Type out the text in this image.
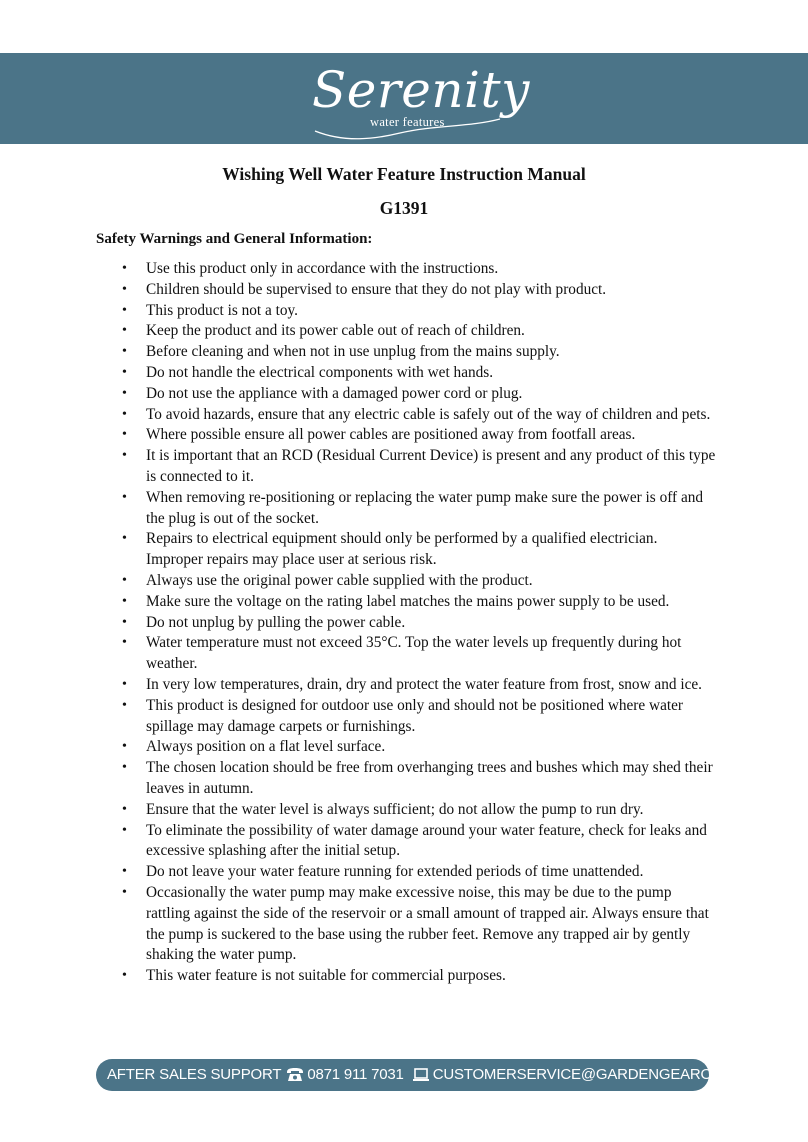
Serenity
water features
Wishing Well Water Feature Instruction Manual
G1391
Safety Warnings and General Information:
• Use this product only in accordance with the instructions.
• Children should be supervised to ensure that they do not play with product.
• This product is not a toy.
• Keep the product and its power cable out of reach of children.
• Before cleaning and when not in use unplug from the mains supply.
• Do not handle the electrical components with wet hands.
• Do not use the appliance with a damaged power cord or plug.
• To avoid hazards, ensure that any electric cable is safely out of the way of children and pets.
• Where possible ensure all power cables are positioned away from footfall areas.
• It is important that an RCD (Residual Current Device) is present and any product of this type is connected to it.
• When removing re-positioning or replacing the water pump make sure the power is off and the plug is out of the socket.
• Repairs to electrical equipment should only be performed by a qualified electrician. Improper repairs may place user at serious risk.
• Always use the original power cable supplied with the product.
• Make sure the voltage on the rating label matches the mains power supply to be used.
• Do not unplug by pulling the power cable.
• Water temperature must not exceed 35°C. Top the water levels up frequently during hot weather.
• In very low temperatures, drain, dry and protect the water feature from frost, snow and ice.
• This product is designed for outdoor use only and should not be positioned where water spillage may damage carpets or furnishings.
• Always position on a flat level surface.
• The chosen location should be free from overhanging trees and bushes which may shed their leaves in autumn.
• Ensure that the water level is always sufficient; do not allow the pump to run dry.
• To eliminate the possibility of water damage around your water feature, check for leaks and excessive splashing after the initial setup.
• Do not leave your water feature running for extended periods of time unattended.
• Occasionally the water pump may make excessive noise, this may be due to the pump rattling against the side of the reservoir or a small amount of trapped air. Always ensure that the pump is suckered to the base using the rubber feet. Remove any trapped air by gently shaking the water pump.
• This water feature is not suitable for commercial purposes.
AFTER SALES SUPPORT 0871 911 7031 CUSTOMERSERVICE@GARDENGEARONLINE.CO.UK
